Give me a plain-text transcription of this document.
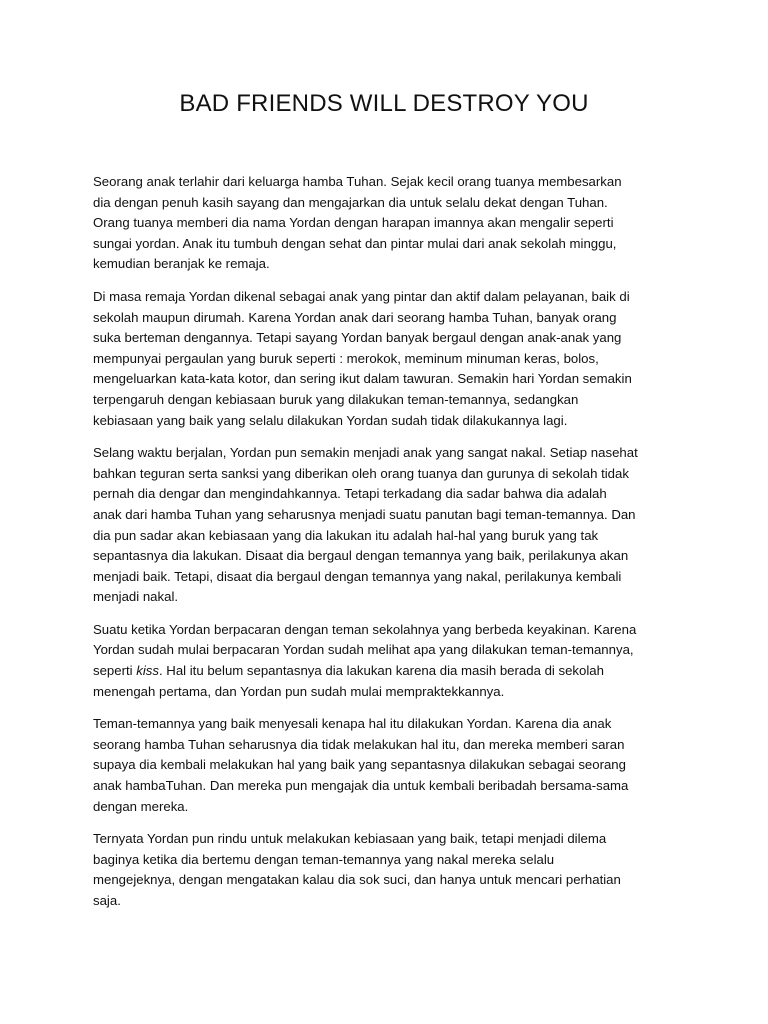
BAD FRIENDS WILL DESTROY YOU

Seorang anak terlahir dari keluarga hamba Tuhan. Sejak kecil orang tuanya membesarkan
dia dengan penuh kasih sayang dan mengajarkan dia untuk selalu dekat dengan Tuhan.
Orang tuanya memberi dia nama Yordan dengan harapan imannya akan mengalir seperti
sungai yordan. Anak itu tumbuh dengan sehat dan pintar mulai dari anak sekolah minggu,
kemudian beranjak ke remaja.

Di masa remaja Yordan dikenal sebagai anak yang pintar dan aktif dalam pelayanan, baik di
sekolah maupun dirumah. Karena Yordan anak dari seorang hamba Tuhan, banyak orang
suka berteman dengannya. Tetapi sayang Yordan banyak bergaul dengan anak-anak yang
mempunyai pergaulan yang buruk seperti : merokok, meminum minuman keras, bolos,
mengeluarkan kata-kata kotor, dan sering ikut dalam tawuran. Semakin hari Yordan semakin
terpengaruh dengan kebiasaan buruk yang dilakukan teman-temannya, sedangkan
kebiasaan yang baik yang selalu dilakukan Yordan sudah tidak dilakukannya lagi.

Selang waktu berjalan, Yordan pun semakin menjadi anak yang sangat nakal. Setiap nasehat
bahkan teguran serta sanksi yang diberikan oleh orang tuanya dan gurunya di sekolah tidak
pernah dia dengar dan mengindahkannya. Tetapi terkadang dia sadar bahwa dia adalah
anak dari hamba Tuhan yang seharusnya menjadi suatu panutan bagi teman-temannya. Dan
dia pun sadar akan kebiasaan yang dia lakukan itu adalah hal-hal yang buruk yang tak
sepantasnya dia lakukan. Disaat dia bergaul dengan temannya yang baik, perilakunya akan
menjadi baik. Tetapi, disaat dia bergaul dengan temannya yang nakal, perilakunya kembali
menjadi nakal.

Suatu ketika Yordan berpacaran dengan teman sekolahnya yang berbeda keyakinan. Karena
Yordan sudah mulai berpacaran Yordan sudah melihat apa yang dilakukan teman-temannya,
seperti kiss. Hal itu belum sepantasnya dia lakukan karena dia masih berada di sekolah
menengah pertama, dan Yordan pun sudah mulai mempraktekkannya.

Teman-temannya yang baik menyesali kenapa hal itu dilakukan Yordan. Karena dia anak
seorang hamba Tuhan seharusnya dia tidak melakukan hal itu, dan mereka memberi saran
supaya dia kembali melakukan hal yang baik yang sepantasnya dilakukan sebagai seorang
anak hambaTuhan. Dan mereka pun mengajak dia untuk kembali beribadah bersama-sama
dengan mereka.

Ternyata Yordan pun rindu untuk melakukan kebiasaan yang baik, tetapi menjadi dilema
baginya ketika dia bertemu dengan teman-temannya yang nakal mereka selalu
mengejeknya, dengan mengatakan kalau dia sok suci, dan hanya untuk mencari perhatian
saja.
